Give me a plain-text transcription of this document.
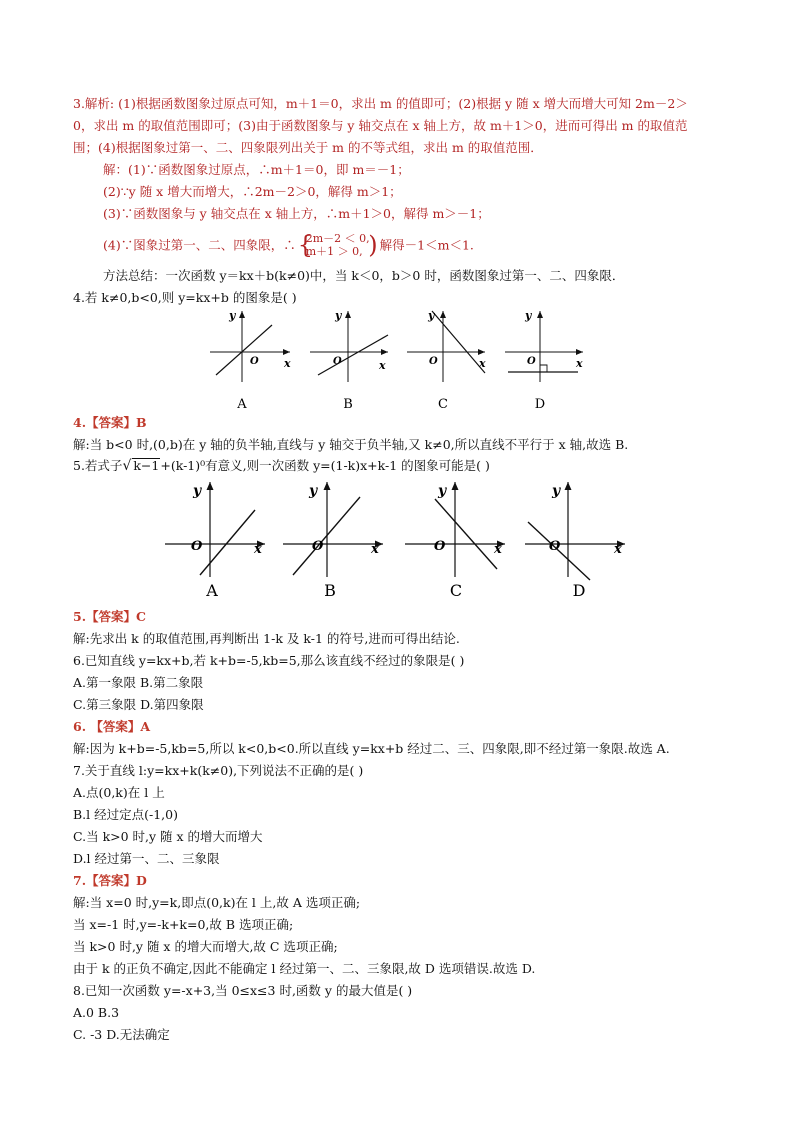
3.解析: (1)根据函数图象过原点可知，m＋1＝0，求出 m 的值即可；(2)根据 y 随 x 增大而增大可知 2m－2＞
0，求出 m 的取值范围即可；(3)由于函数图象与 y 轴交点在 x 轴上方，故 m＋1＞0，进而可得出 m 的取值范
围；(4)根据图象过第一、二、四象限列出关于 m 的不等式组，求出 m 的取值范围．
解：(1)∵函数图象过原点，∴m＋1＝0，即 m＝－1；
(2)∵y 随 x 增大而增大，∴2m－2＞0，解得 m＞1；
(3)∵函数图象与 y 轴交点在 x 轴上方，∴m＋1＞0，解得 m＞－1；
(4)∵图象过第一、二、四象限，∴ {
2m－2 ＜ 0,
m＋1 ＞ 0, ) 解得－1＜m＜1.
方法总结：一次函数 y＝kx＋b(k≠0)中，当 k＜0，b＞0 时，函数图象过第一、二、四象限．
4.若 k≠0,b<0,则 y=kx+b 的图象是( )
y
x
O
A
y
x
O
B
y
x
O
C
y
x
O
D
4.【答案】B
解:当 b<0 时,(0,b)在 y 轴的负半轴,直线与 y 轴交于负半轴,又 k≠0,所以直线不平行于 x 轴,故选 B.
5.若式子√ k−1+(k-1)⁰有意义,则一次函数 y=(1-k)x+k-1 的图象可能是( )
y
x
O
A
y
x
O
B
y
x
O
C
y
x
O
D
5.【答案】C
解:先求出 k 的取值范围,再判断出 1-k 及 k-1 的符号,进而可得出结论.
6.已知直线 y=kx+b,若 k+b=-5,kb=5,那么该直线不经过的象限是( )
A.第一象限 B.第二象限
C.第三象限 D.第四象限
6. 【答案】A
解:因为 k+b=-5,kb=5,所以 k<0,b<0.所以直线 y=kx+b 经过二、三、四象限,即不经过第一象限.故选 A.
7.关于直线 l:y=kx+k(k≠0),下列说法不正确的是( )
A.点(0,k)在 l 上
B.l 经过定点(-1,0)
C.当 k>0 时,y 随 x 的增大而增大
D.l 经过第一、二、三象限
7.【答案】D
解:当 x=0 时,y=k,即点(0,k)在 l 上,故 A 选项正确;
当 x=-1 时,y=-k+k=0,故 B 选项正确;
当 k>0 时,y 随 x 的增大而增大,故 C 选项正确;
由于 k 的正负不确定,因此不能确定 l 经过第一、二、三象限,故 D 选项错误.故选 D.
8.已知一次函数 y=-x+3,当 0≤x≤3 时,函数 y 的最大值是( )
A.0 B.3
C. -3 D.无法确定
